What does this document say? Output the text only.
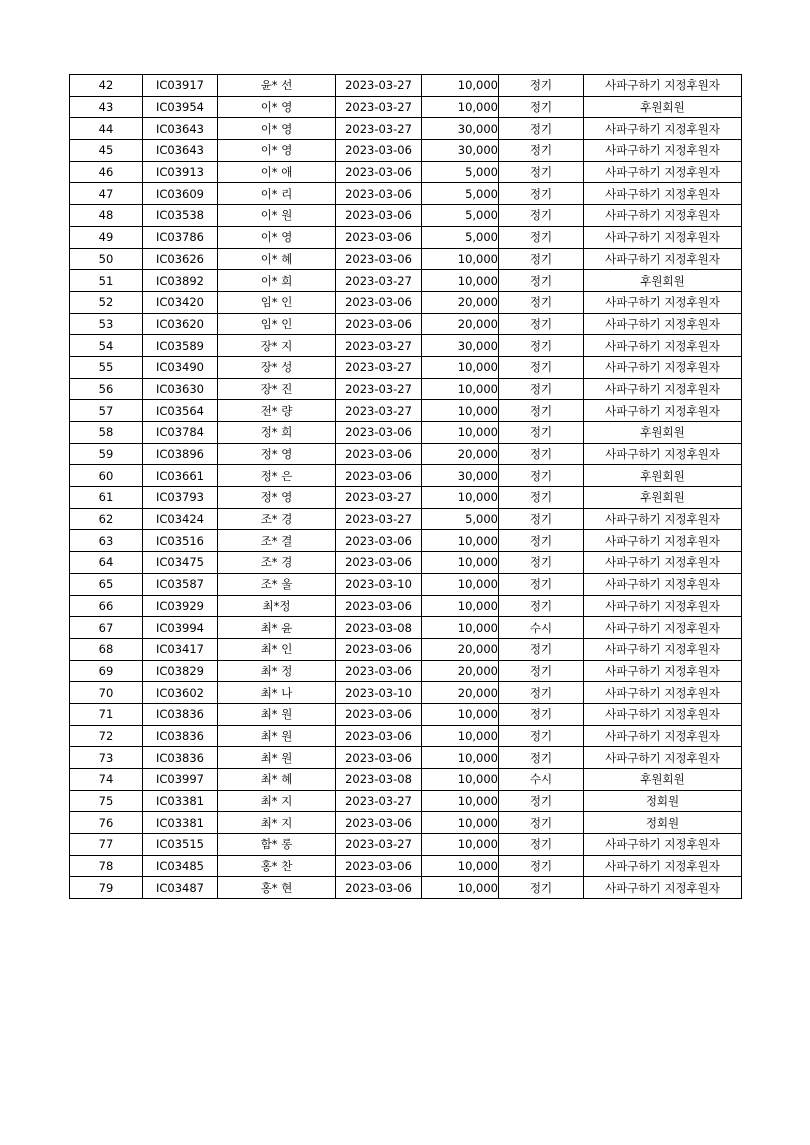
42	IC03917	윤* 선	2023-03-27	10,000	정기	사파구하기 지정후원자
43	IC03954	이* 영	2023-03-27	10,000	정기	후원회원
44	IC03643	이* 영	2023-03-27	30,000	정기	사파구하기 지정후원자
45	IC03643	이* 영	2023-03-06	30,000	정기	사파구하기 지정후원자
46	IC03913	이* 애	2023-03-06	5,000	정기	사파구하기 지정후원자
47	IC03609	이* 리	2023-03-06	5,000	정기	사파구하기 지정후원자
48	IC03538	이* 원	2023-03-06	5,000	정기	사파구하기 지정후원자
49	IC03786	이* 영	2023-03-06	5,000	정기	사파구하기 지정후원자
50	IC03626	이* 혜	2023-03-06	10,000	정기	사파구하기 지정후원자
51	IC03892	이* 희	2023-03-27	10,000	정기	후원회원
52	IC03420	임* 인	2023-03-06	20,000	정기	사파구하기 지정후원자
53	IC03620	임* 인	2023-03-06	20,000	정기	사파구하기 지정후원자
54	IC03589	장* 지	2023-03-27	30,000	정기	사파구하기 지정후원자
55	IC03490	장* 성	2023-03-27	10,000	정기	사파구하기 지정후원자
56	IC03630	장* 진	2023-03-27	10,000	정기	사파구하기 지정후원자
57	IC03564	전* 량	2023-03-27	10,000	정기	사파구하기 지정후원자
58	IC03784	정* 희	2023-03-06	10,000	정기	후원회원
59	IC03896	정* 영	2023-03-06	20,000	정기	사파구하기 지정후원자
60	IC03661	정* 은	2023-03-06	30,000	정기	후원회원
61	IC03793	정* 영	2023-03-27	10,000	정기	후원회원
62	IC03424	조* 경	2023-03-27	5,000	정기	사파구하기 지정후원자
63	IC03516	조* 결	2023-03-06	10,000	정기	사파구하기 지정후원자
64	IC03475	조* 경	2023-03-06	10,000	정기	사파구하기 지정후원자
65	IC03587	조* 울	2023-03-10	10,000	정기	사파구하기 지정후원자
66	IC03929	최*정	2023-03-06	10,000	정기	사파구하기 지정후원자
67	IC03994	최* 윤	2023-03-08	10,000	수시	사파구하기 지정후원자
68	IC03417	최* 인	2023-03-06	20,000	정기	사파구하기 지정후원자
69	IC03829	최* 정	2023-03-06	20,000	정기	사파구하기 지정후원자
70	IC03602	최* 나	2023-03-10	20,000	정기	사파구하기 지정후원자
71	IC03836	최* 원	2023-03-06	10,000	정기	사파구하기 지정후원자
72	IC03836	최* 원	2023-03-06	10,000	정기	사파구하기 지정후원자
73	IC03836	최* 원	2023-03-06	10,000	정기	사파구하기 지정후원자
74	IC03997	최* 혜	2023-03-08	10,000	수시	후원회원
75	IC03381	최* 지	2023-03-27	10,000	정기	정회원
76	IC03381	최* 지	2023-03-06	10,000	정기	정회원
77	IC03515	함* 롱	2023-03-27	10,000	정기	사파구하기 지정후원자
78	IC03485	홍* 찬	2023-03-06	10,000	정기	사파구하기 지정후원자
79	IC03487	홍* 현	2023-03-06	10,000	정기	사파구하기 지정후원자
